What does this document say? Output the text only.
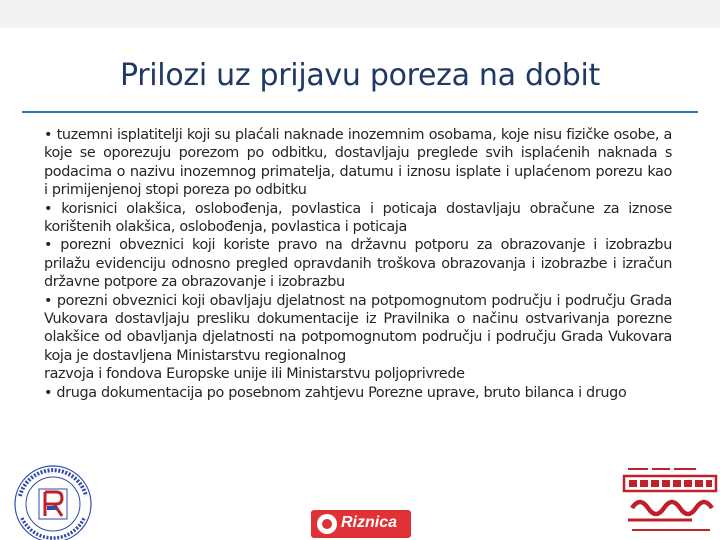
Prilozi uz prijavu poreza na dobit

• tuzemni isplatitelji koji su plaćali naknade inozemnim osobama, koje nisu fizičke osobe, a koje se oporezuju porezom po odbitku, dostavljaju preglede svih isplaćenih naknada s podacima o nazivu inozemnog primatelja, datumu i iznosu isplate i uplaćenom porezu kao i primijenjenoj stopi poreza po odbitku

• korisnici olakšica, oslobođenja, povlastica i poticaja dostavljaju obračune za iznose korištenih olakšica, oslobođenja, povlastica i poticaja

• porezni obveznici koji koriste pravo na državnu potporu za obrazovanje i izobrazbu prilažu evidenciju odnosno pregled opravdanih troškova obrazovanja i izobrazbe i izračun državne potpore za obrazovanje i izobrazbu

• porezni obveznici koji obavljaju djelatnost na potpomognutom području i području Grada Vukovara dostavljaju presliku dokumentacije iz Pravilnika o načinu ostvarivanja porezne olakšice od obavljanja djelatnosti na potpomognutom području i području Grada Vukovara koja je dostavljena Ministarstvu regionalnog

razvoja i fondova Europske unije ili Ministarstvu poljoprivrede

• druga dokumentacija po posebnom zahtjevu Porezne uprave, bruto bilanca i drugo

Riznica
